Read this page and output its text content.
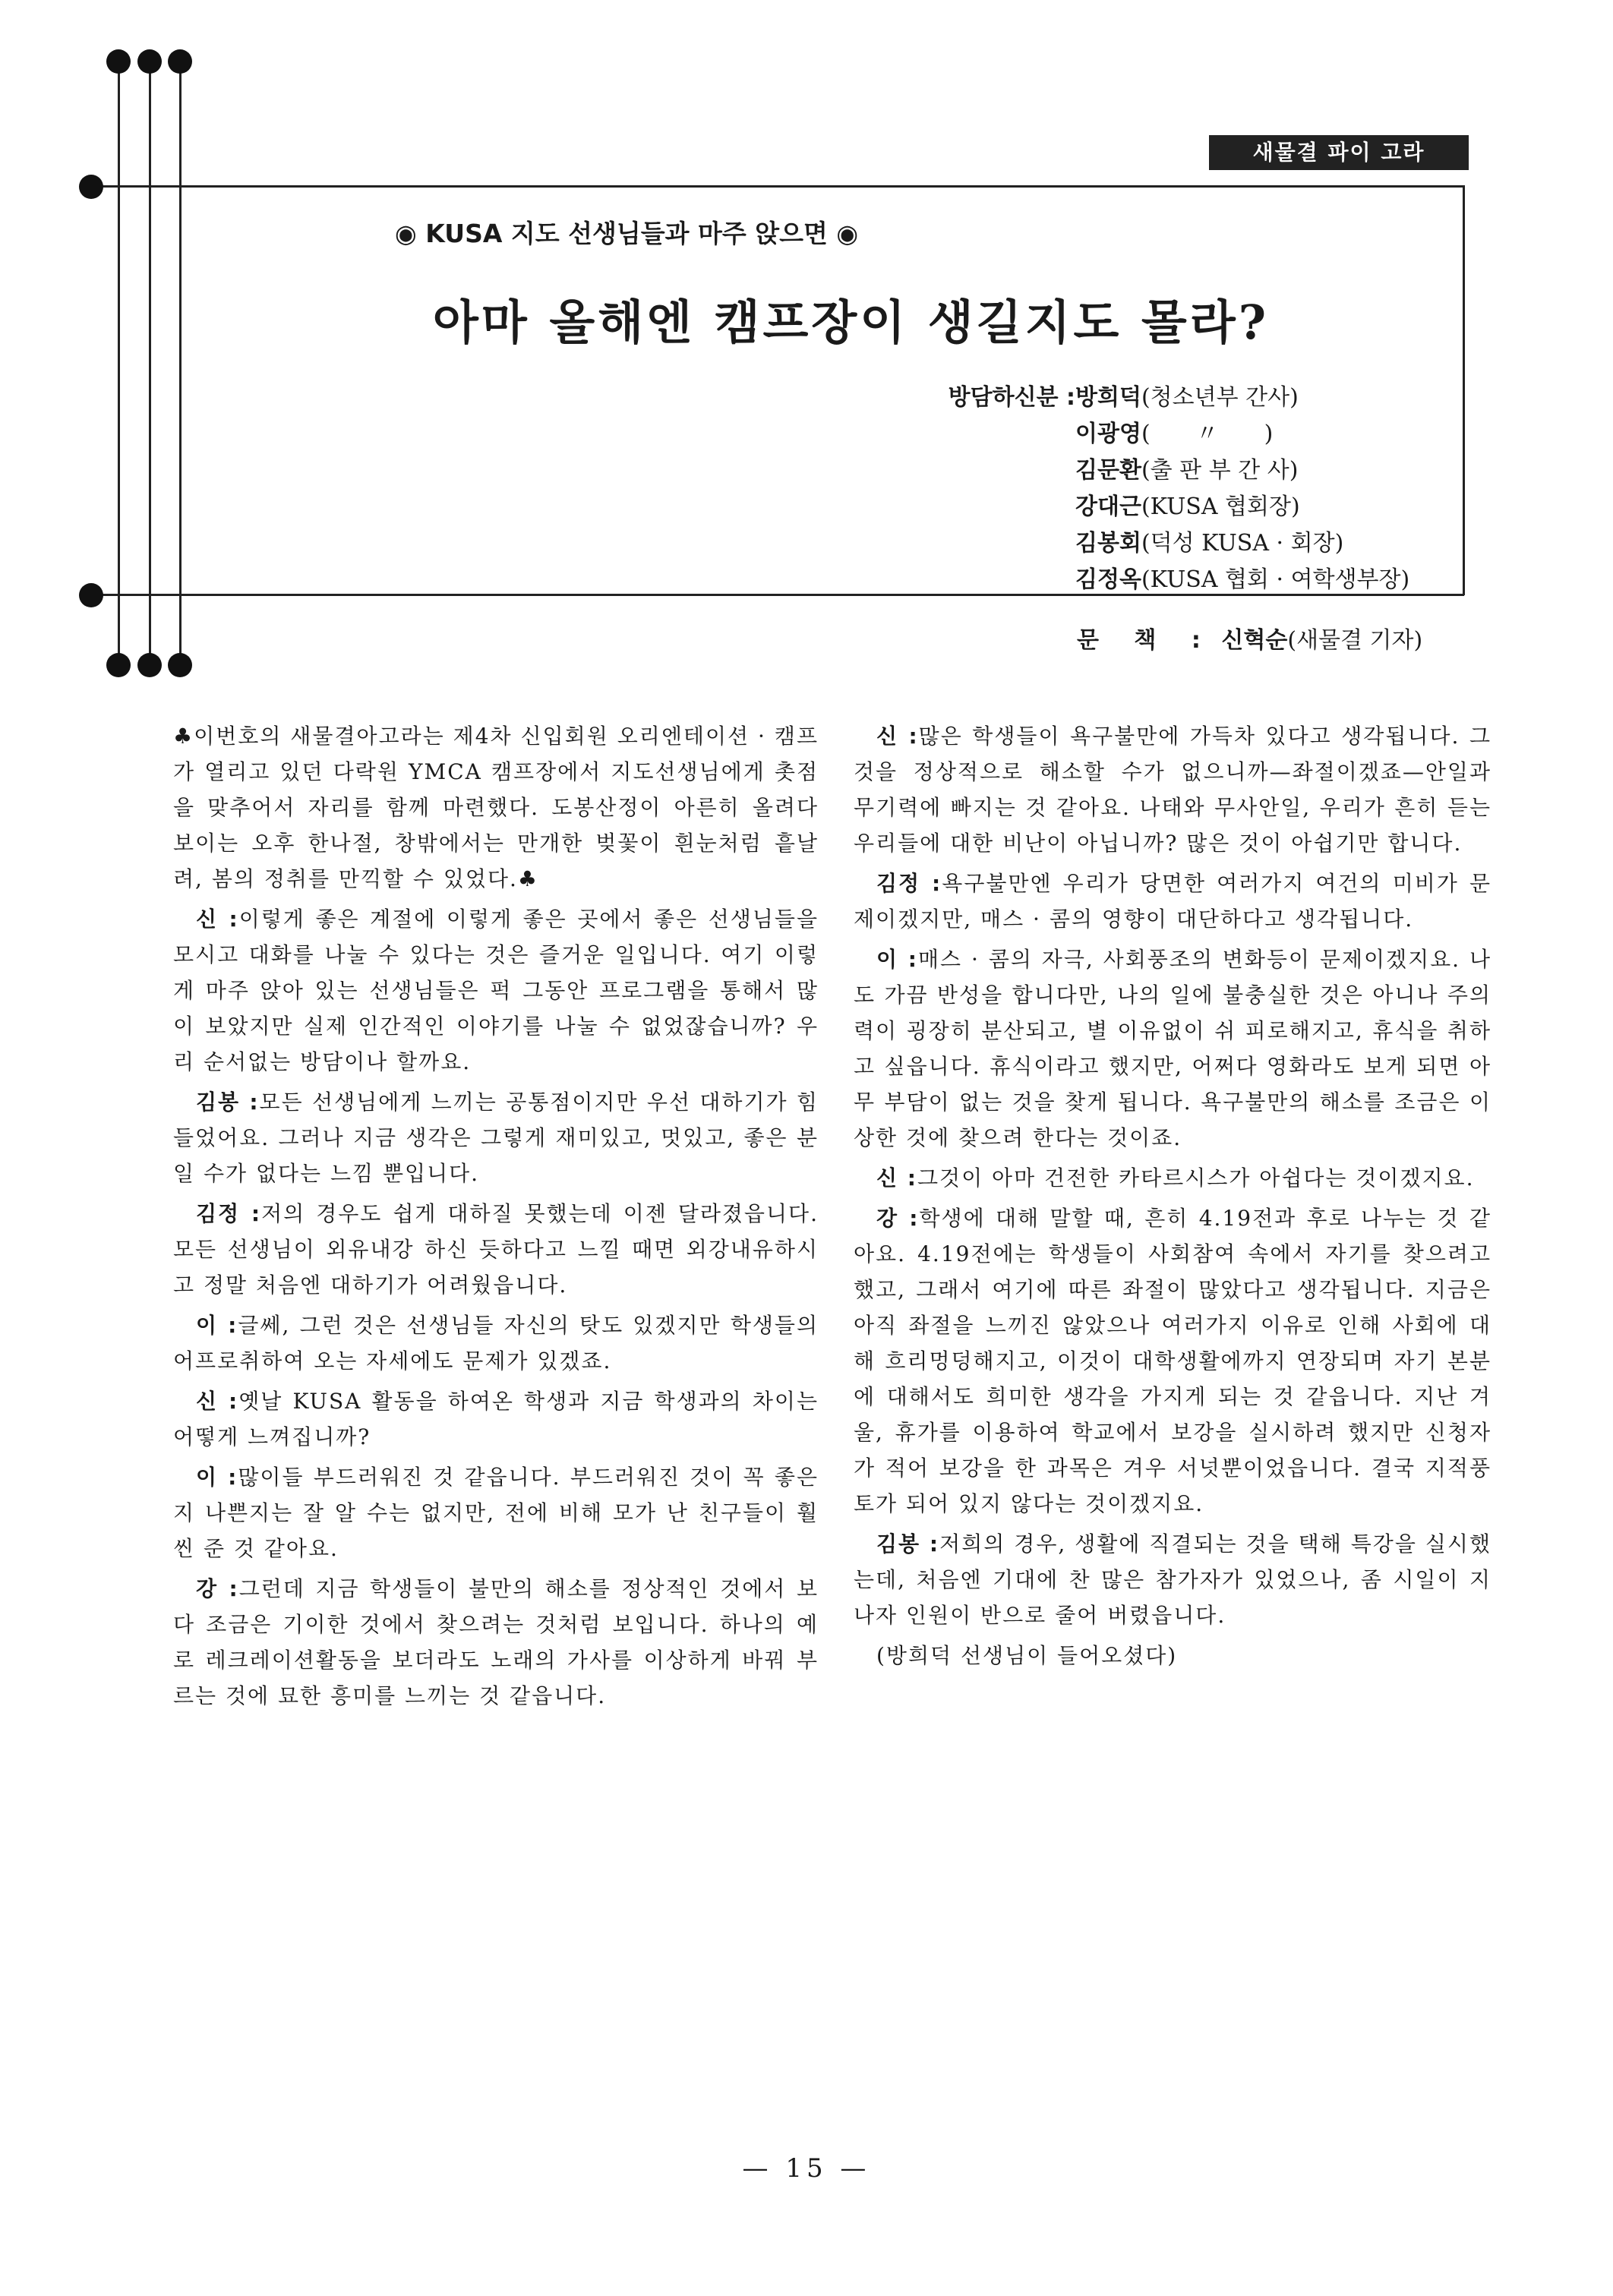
새물결 파이 고라
◉ KUSA 지도 선생님들과 마주 앉으면 ◉
아마 올해엔 캠프장이 생길지도 몰라?
방담하신분 : 방희덕 (청소년부 간사)
이광영 (　　〃　　)
김문환 (출 판 부 간 사)
강대근 (KUSA 협회장)
김봉회 (덕성 KUSA · 회장)
김정옥 (KUSA 협회 · 여학생부장)
문 책 : 신혁순(새물결 기자)

♣이번호의 새물결아고라는 제4차 신입회원 오리엔테이션 · 캠프가 열리고 있던 다락원 YMCA 캠프장에서 지도선생님에게 촛점을 맞추어서 자리를 함께 마련했다. 도봉산정이 아른히 올려다 보이는 오후 한나절, 창밖에서는 만개한 벚꽃이 흰눈처럼 흩날려, 봄의 정취를 만끽할 수 있었다.♣

신 :이렇게 좋은 계절에 이렇게 좋은 곳에서 좋은 선생님들을 모시고 대화를 나눌 수 있다는 것은 즐거운 일입니다. 여기 이렇게 마주 앉아 있는 선생님들은 퍽 그동안 프로그램을 통해서 많이 보았지만 실제 인간적인 이야기를 나눌 수 없었잖습니까? 우리 순서없는 방담이나 할까요.

김봉 :모든 선생님에게 느끼는 공통점이지만 우선 대하기가 힘들었어요. 그러나 지금 생각은 그렇게 재미있고, 멋있고, 좋은 분일 수가 없다는 느낌 뿐입니다.

김정 :저의 경우도 쉽게 대하질 못했는데 이젠 달라졌읍니다. 모든 선생님이 외유내강 하신 듯하다고 느낄 때면 외강내유하시고 정말 처음엔 대하기가 어려웠읍니다.

이 :글쎄, 그런 것은 선생님들 자신의 탓도 있겠지만 학생들의 어프로취하여 오는 자세에도 문제가 있겠죠.

신 :옛날 KUSA 활동을 하여온 학생과 지금 학생과의 차이는 어떻게 느껴집니까?

이 :많이들 부드러워진 것 같읍니다. 부드러워진 것이 꼭 좋은지 나쁜지는 잘 알 수는 없지만, 전에 비해 모가 난 친구들이 훨씬 준 것 같아요.

강 :그런데 지금 학생들이 불만의 해소를 정상적인 것에서 보다 조금은 기이한 것에서 찾으려는 것처럼 보입니다. 하나의 예로 레크레이션활동을 보더라도 노래의 가사를 이상하게 바꿔 부르는 것에 묘한 흥미를 느끼는 것 같읍니다.

신 :많은 학생들이 욕구불만에 가득차 있다고 생각됩니다. 그것을 정상적으로 해소할 수가 없으니까—좌절이겠죠—안일과 무기력에 빠지는 것 같아요. 나태와 무사안일, 우리가 흔히 듣는 우리들에 대한 비난이 아닙니까? 많은 것이 아쉽기만 합니다.

김정 :욕구불만엔 우리가 당면한 여러가지 여건의 미비가 문제이겠지만, 매스 · 콤의 영향이 대단하다고 생각됩니다.

이 :매스 · 콤의 자극, 사회풍조의 변화등이 문제이겠지요. 나도 가끔 반성을 합니다만, 나의 일에 불충실한 것은 아니나 주의력이 굉장히 분산되고, 별 이유없이 쉬 피로해지고, 휴식을 취하고 싶읍니다. 휴식이라고 했지만, 어쩌다 영화라도 보게 되면 아무 부담이 없는 것을 찾게 됩니다. 욕구불만의 해소를 조금은 이상한 것에 찾으려 한다는 것이죠.

신 :그것이 아마 건전한 카타르시스가 아쉽다는 것이겠지요.

강 :학생에 대해 말할 때, 흔히 4.19전과 후로 나누는 것 같아요. 4.19전에는 학생들이 사회참여 속에서 자기를 찾으려고 했고, 그래서 여기에 따른 좌절이 많았다고 생각됩니다. 지금은 아직 좌절을 느끼진 않았으나 여러가지 이유로 인해 사회에 대해 흐리멍덩해지고, 이것이 대학생활에까지 연장되며 자기 본분에 대해서도 희미한 생각을 가지게 되는 것 같읍니다. 지난 겨울, 휴가를 이용하여 학교에서 보강을 실시하려 했지만 신청자가 적어 보강을 한 과목은 겨우 서넛뿐이었읍니다. 결국 지적풍토가 되어 있지 않다는 것이겠지요.

김봉 :저희의 경우, 생활에 직결되는 것을 택해 특강을 실시했는데, 처음엔 기대에 찬 많은 참가자가 있었으나, 좀 시일이 지나자 인원이 반으로 줄어 버렸읍니다.

(방희덕 선생님이 들어오셨다)

— 15 —
